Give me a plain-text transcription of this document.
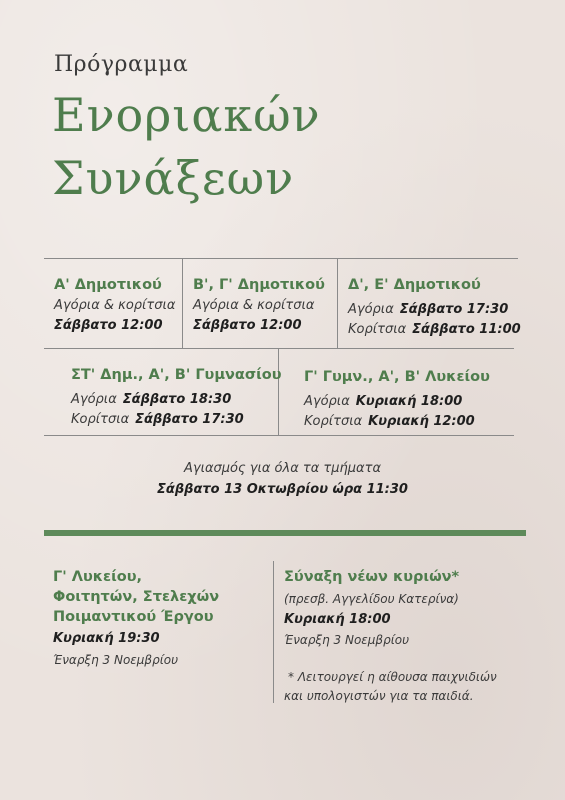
Πρόγραμμα
Ενοριακών
Συνάξεων
Α' Δημοτικού
Αγόρια & κορίτσια
Σάββατο 12:00
Β', Γ' Δημοτικού
Αγόρια & κορίτσια
Σάββατο 12:00
Δ', Ε' Δημοτικού
Αγόρια Σάββατο 17:30
Κορίτσια Σάββατο 11:00
ΣΤ' Δημ., Α', Β' Γυμνασίου
Αγόρια Σάββατο 18:30
Κορίτσια Σάββατο 17:30
Γ' Γυμν., Α', Β' Λυκείου
Αγόρια Κυριακή 18:00
Κορίτσια Κυριακή 12:00
Αγιασμός για όλα τα τμήματα
Σάββατο 13 Οκτωβρίου ώρα 11:30
Γ' Λυκείου,
Φοιτητών, Στελεχών
Ποιμαντικού Έργου
Κυριακή 19:30
Έναρξη 3 Νοεμβρίου
Σύναξη νέων κυριών*
(πρεσβ. Αγγελίδου Κατερίνα)
Κυριακή 18:00
Έναρξη 3 Νοεμβρίου
* Λειτουργεί η αίθουσα παιχνιδιών
και υπολογιστών για τα παιδιά.
